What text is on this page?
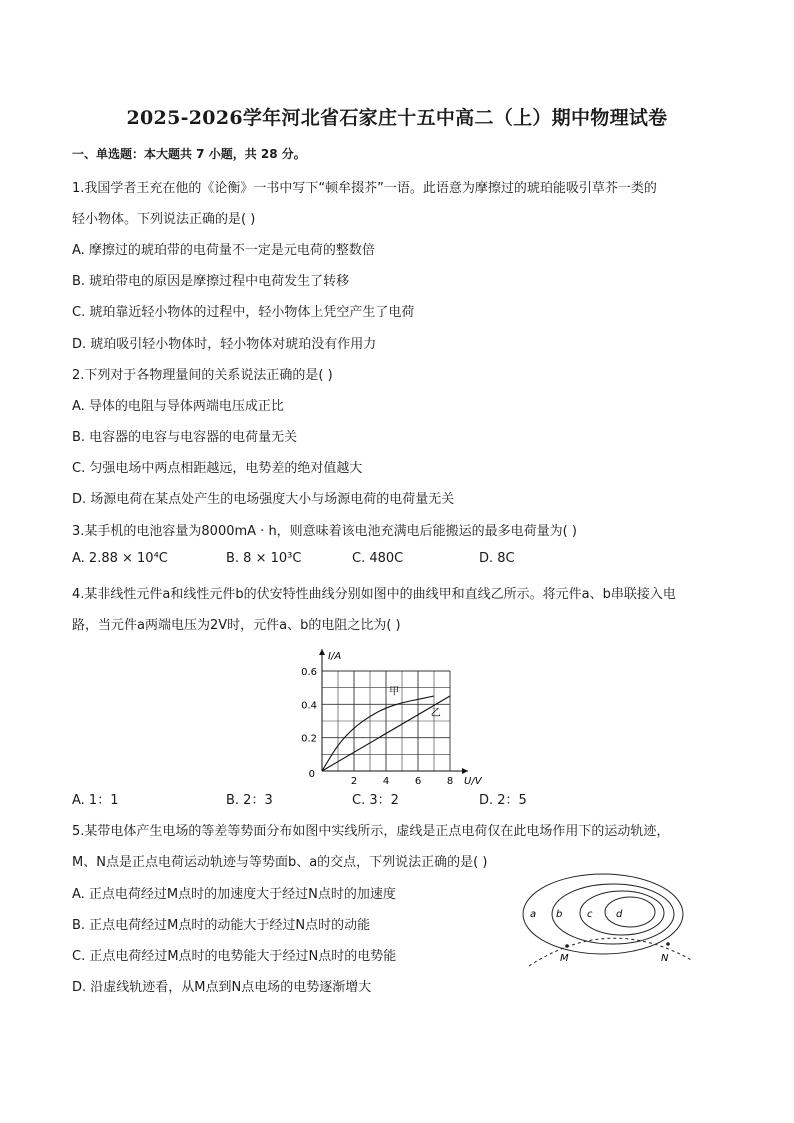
2025-2026学年河北省石家庄十五中高二（上）期中物理试卷
一、单选题：本大题共 7 小题，共 28 分。
1.我国学者王充在他的《论衡》一书中写下“顿牟掇芥”一语。此语意为摩擦过的琥珀能吸引草芥一类的
轻小物体。下列说法正确的是( )
A. 摩擦过的琥珀带的电荷量不一定是元电荷的整数倍
B. 琥珀带电的原因是摩擦过程中电荷发生了转移
C. 琥珀靠近轻小物体的过程中，轻小物体上凭空产生了电荷
D. 琥珀吸引轻小物体时，轻小物体对琥珀没有作用力
2.下列对于各物理量间的关系说法正确的是( )
A. 导体的电阻与导体两端电压成正比
B. 电容器的电容与电容器的电荷量无关
C. 匀强电场中两点相距越远，电势差的绝对值越大
D. 场源电荷在某点处产生的电场强度大小与场源电荷的电荷量无关
3.某手机的电池容量为8000mA · h，则意味着该电池充满电后能搬运的最多电荷量为( )
A. 2.88 × 10⁴C	B. 8 × 10³C	C. 480C	D. 8C
4.某非线性元件a和线性元件b的伏安特性曲线分别如图中的曲线甲和直线乙所示。将元件a、b串联接入电
路，当元件a两端电压为2V时，元件a、b的电阻之比为( )
2	4	6	8
0.2
0.4
0.6
0
I/A
U/V
甲
乙
A. 1：1	B. 2：3	C. 3：2	D. 2：5
5.某带电体产生电场的等差等势面分布如图中实线所示，虚线是正点电荷仅在此电场作用下的运动轨迹，
M、N点是正点电荷运动轨迹与等势面b、a的交点，下列说法正确的是( )
A. 正点电荷经过M点时的加速度大于经过N点时的加速度
B. 正点电荷经过M点时的动能大于经过N点时的动能
C. 正点电荷经过M点时的电势能大于经过N点时的电势能
D. 沿虚线轨迹看，从M点到N点电场的电势逐渐增大
a b c d
M	N
